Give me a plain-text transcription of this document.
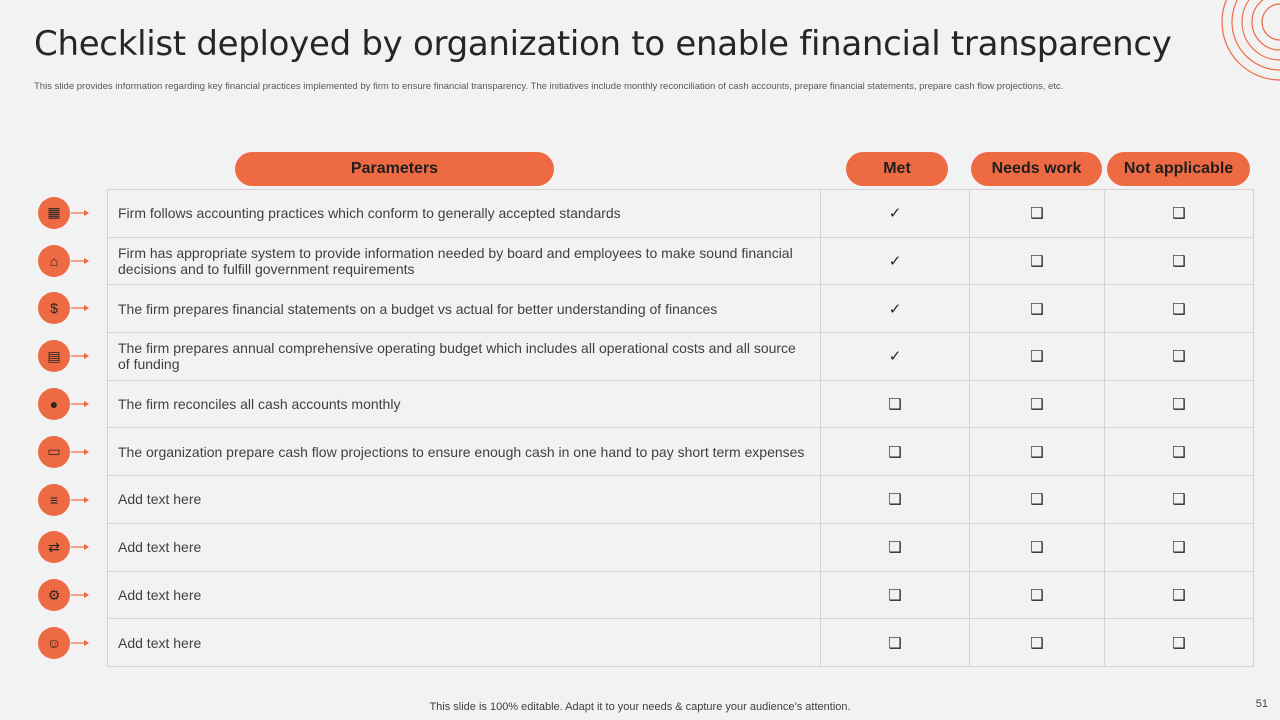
Checklist deployed by organization to enable financial transparency

This slide provides information regarding key financial practices implemented by firm to ensure financial transparency. The initiatives include monthly reconciliation of cash accounts, prepare financial statements, prepare cash flow projections, etc.

Parameters	Met	Needs work	Not applicable
▦
⌂
$
▤
●
▭
≡
⇄
⚙
☺
Firm follows accounting practices which conform to generally accepted standards	✓	❑	❑
Firm has appropriate system to provide information needed by board and employees to make sound financial decisions and to fulfill government requirements	✓	❑	❑
The firm prepares financial statements on a budget vs actual for better understanding of finances	✓	❑	❑
The firm prepares annual comprehensive operating budget which includes all operational costs and all source of funding	✓	❑	❑
The firm reconciles all cash accounts monthly	❑	❑	❑
The organization prepare cash flow projections to ensure enough cash in one hand to pay short term expenses	❑	❑	❑
Add text here	❑	❑	❑
Add text here	❑	❑	❑
Add text here	❑	❑	❑
Add text here	❑	❑	❑
This slide is 100% editable. Adapt it to your needs & capture your audience’s attention.	51
